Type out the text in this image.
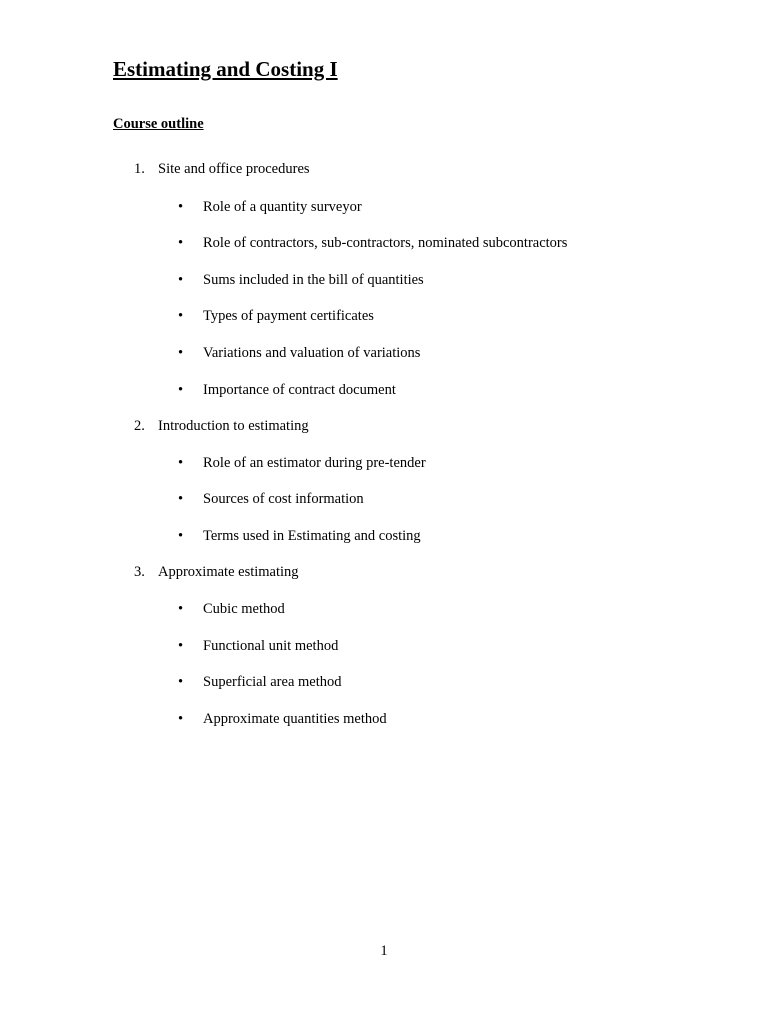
Estimating and Costing I
Course outline
1. Site and office procedures
• Role of a quantity surveyor
• Role of contractors, sub-contractors, nominated subcontractors
• Sums included in the bill of quantities
• Types of payment certificates
• Variations and valuation of variations
• Importance of contract document
2. Introduction to estimating
• Role of an estimator during pre-tender
• Sources of cost information
• Terms used in Estimating and costing
3. Approximate estimating
• Cubic method
• Functional unit method
• Superficial area method
• Approximate quantities method
1
